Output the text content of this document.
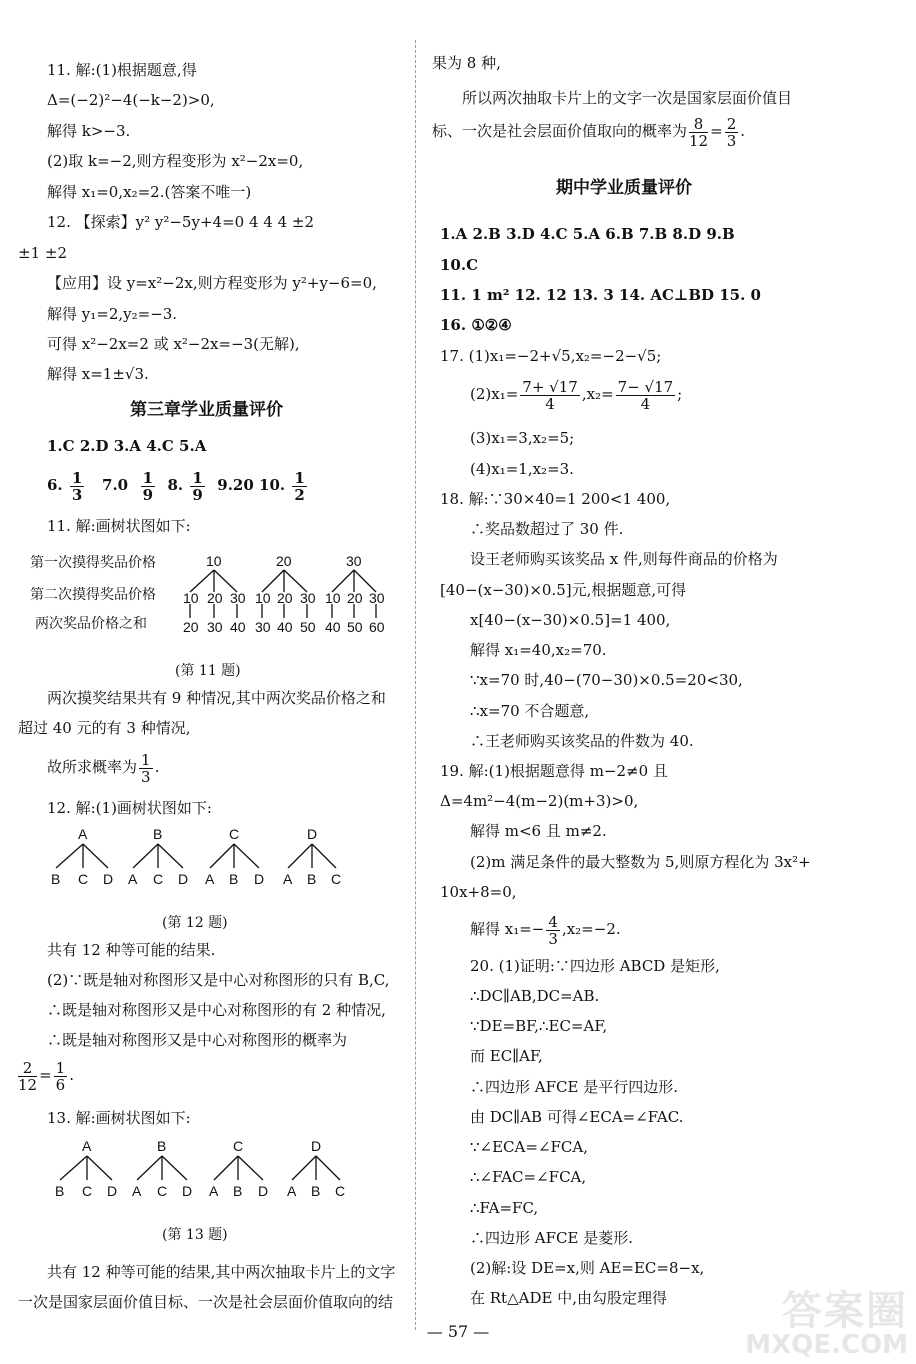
11. 解:(1)根据题意,得
Δ=(−2)²−4(−k−2)>0,
解得 k>−3.
(2)取 k=−2,则方程变形为 x²−2x=0,
解得 x₁=0,x₂=2.(答案不唯一)
12. 【探索】y² y²−5y+4=0 4 4 4 ±2
±1 ±2
【应用】设 y=x²−2x,则方程变形为 y²+y−6=0,
解得 y₁=2,y₂=−3.
可得 x²−2x=2 或 x²−2x=−3(无解),
解得 x=1±√3.
第三章学业质量评价
1.C 2.D 3.A 4.C 5.A
6. $\frac{1}{3} 7.0 \frac{1}{9} 8$. $\frac{1}{9} 9.20$ 10. $\frac{1}{2}$
11. 解:画树状图如下:
第一次摸得奖品价格
第二次摸得奖品价格
两次奖品价格之和
10	20	30
10 20 30 10 20 30 10 20 30
20 30 40 30 40 50 40 50 60
(第 11 题)
两次摸奖结果共有 9 种情况,其中两次奖品价格之和
超过 40 元的有 3 种情况,
故所求概率为 $\frac{1}{3}$ .
12. 解:(1)画树状图如下:
A	B	C	D
B C D A C D A B D A B C
(第 12 题)
共有 12 种等可能的结果.
(2)∵既是轴对称图形又是中心对称图形的只有 B,C,
∴既是轴对称图形又是中心对称图形的有 2 种情况,
∴既是轴对称图形又是中心对称图形的概率为
$\frac{2}{12} = \frac{1}{6}$ .
13. 解:画树状图如下:
A	B	C	D
B C D A C D A B D A B C
(第 13 题)
共有 12 种等可能的结果,其中两次抽取卡片上的文字
一次是国家层面价值目标、一次是社会层面价值取向的结
果为 8 种,
所以两次抽取卡片上的文字一次是国家层面价值目
标、一次是社会层面价值取向的概率为 $\frac{8}{12} = \frac{2}{3}$ .
期中学业质量评价
1.A 2.B 3.D 4.C 5.A 6.B 7.B 8.D 9.B
10.C
11. 1 m² 12. 12 13. 3 14. AC⊥BD 15. 0
16. ①②④
17. (1)x₁=−2+√5,x₂=−2−√5;
$(2)x_1= \frac{7+ √17}{4} ,x_2= \frac{7- √17}{4}$ ;
(3)x₁=3,x₂=5;
(4)x₁=1,x₂=3.
18. 解:∵30×40=1 200<1 400,
∴奖品数超过了 30 件.
设王老师购买该奖品 x 件,则每件商品的价格为
[40−(x−30)×0.5]元,根据题意,可得
x[40−(x−30)×0.5]=1 400,
解得 x₁=40,x₂=70.
∵x=70 时,40−(70−30)×0.5=20<30,
∴x=70 不合题意,
∴王老师购买该奖品的件数为 40.
19. 解:(1)根据题意得 m−2≠0 且
Δ=4m²−4(m−2)(m+3)>0,
解得 m<6 且 m≠2.
(2)m 满足条件的最大整数为 5,则原方程化为 3x²+
10x+8=0,
解得 $x_1=- \frac{4}{3} ,x_2=-2$.
20. (1)证明:∵四边形 ABCD 是矩形,
∴DC∥AB,DC=AB.
∵DE=BF,∴EC=AF,
而 EC∥AF,
∴四边形 AFCE 是平行四边形.
由 DC∥AB 可得∠ECA=∠FAC.
∵∠ECA=∠FCA,
∴∠FAC=∠FCA,
∴FA=FC,
∴四边形 AFCE 是菱形.
(2)解:设 DE=x,则 AE=EC=8−x,
在 Rt△ADE 中,由勾股定理得
— 57 —	答案圈
MXQE.COM
